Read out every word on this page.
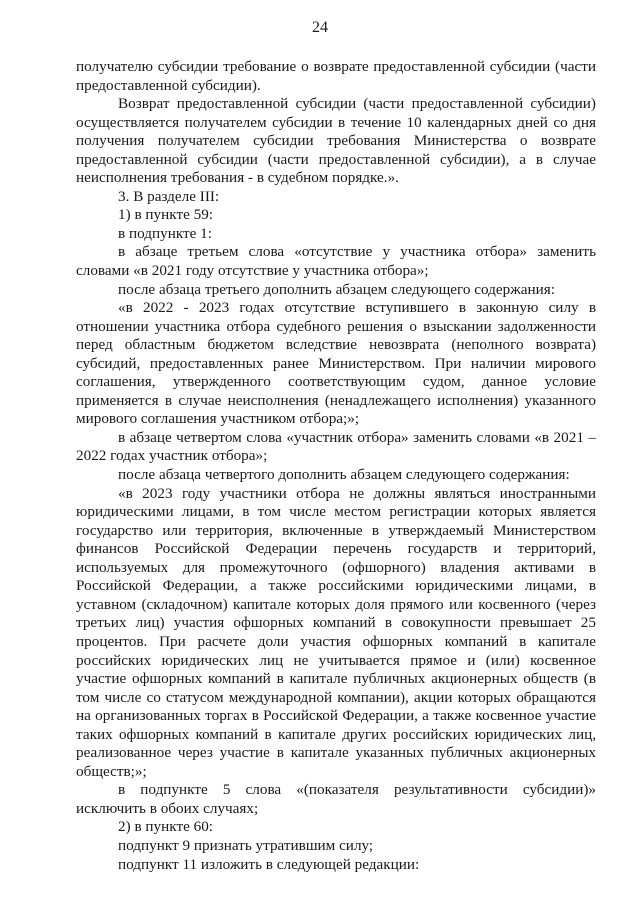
24

получателю субсидии требование о возврате предоставленной субсидии (части предоставленной субсидии).

Возврат предоставленной субсидии (части предоставленной субсидии) осуществляется получателем субсидии в течение 10 календарных дней со дня получения получателем субсидии требования Министерства о возврате предоставленной субсидии (части предоставленной субсидии), а в случае неисполнения требования - в судебном порядке.».

3. В разделе III:

1) в пункте 59:

в подпункте 1:

в абзаце третьем слова «отсутствие у участника отбора» заменить словами «в 2021 году отсутствие у участника отбора»;

после абзаца третьего дополнить абзацем следующего содержания:

«в 2022 - 2023 годах отсутствие вступившего в законную силу в отношении участника отбора судебного решения о взыскании задолженности перед областным бюджетом вследствие невозврата (неполного возврата) субсидий, предоставленных ранее Министерством. При наличии мирового соглашения, утвержденного соответствующим судом, данное условие применяется в случае неисполнения (ненадлежащего исполнения) указанного мирового соглашения участником отбора;»;

в абзаце четвертом слова «участник отбора» заменить словами «в 2021 – 2022 годах участник отбора»;

после абзаца четвертого дополнить абзацем следующего содержания:

«в 2023 году участники отбора не должны являться иностранными юридическими лицами, в том числе местом регистрации которых является государство или территория, включенные в утверждаемый Министерством финансов Российской Федерации перечень государств и территорий, используемых для промежуточного (офшорного) владения активами в Российской Федерации, а также российскими юридическими лицами, в уставном (складочном) капитале которых доля прямого или косвенного (через третьих лиц) участия офшорных компаний в совокупности превышает 25 процентов. При расчете доли участия офшорных компаний в капитале российских юридических лиц не учитывается прямое и (или) косвенное участие офшорных компаний в капитале публичных акционерных обществ (в том числе со статусом международной компании), акции которых обращаются на организованных торгах в Российской Федерации, а также косвенное участие таких офшорных компаний в капитале других российских юридических лиц, реализованное через участие в капитале указанных публичных акционерных обществ;»;

в подпункте 5 слова «(показателя результативности субсидии)» исключить в обоих случаях;

2) в пункте 60:

подпункт 9 признать утратившим силу;

подпункт 11 изложить в следующей редакции:
